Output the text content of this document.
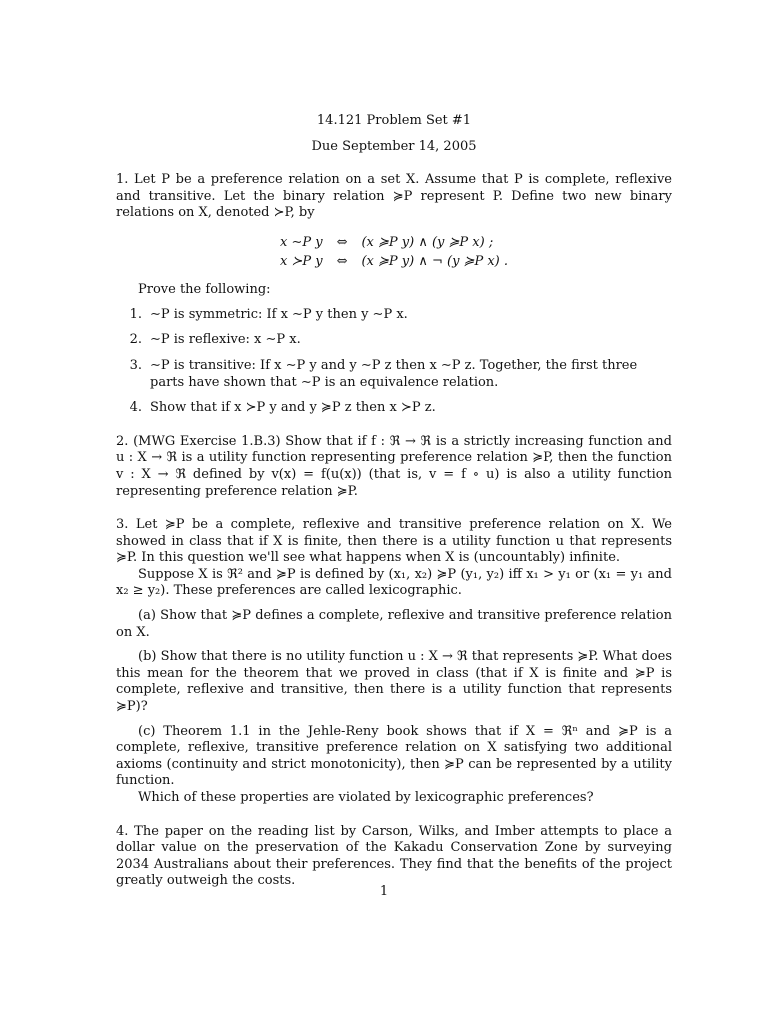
14.121 Problem Set #1

Due September 14, 2005

1. Let P be a preference relation on a set X. Assume that P is complete, reflexive and transitive. Let the binary relation ≽P represent P. Define two new binary relations on X, denoted ≻P, by

x ∼P y ⇔ (x ≽P y) ∧ (y ≽P x) ;
x ≻P y ⇔ (x ≽P y) ∧ ¬ (y ≽P x) .

Prove the following:

1. ∼P is symmetric: If x ∼P y then y ∼P x.
2. ∼P is reflexive: x ∼P x.
3. ∼P is transitive: If x ∼P y and y ∼P z then x ∼P z. Together, the first three parts have shown that ∼P is an equivalence relation.
4. Show that if x ≻P y and y ≽P z then x ≻P z.

2. (MWG Exercise 1.B.3) Show that if f : ℜ → ℜ is a strictly increasing function and u : X → ℜ is a utility function representing preference relation ≽P, then the function v : X → ℜ defined by v(x) = f(u(x)) (that is, v = f ∘ u) is also a utility function representing preference relation ≽P.

3. Let ≽P be a complete, reflexive and transitive preference relation on X. We showed in class that if X is finite, then there is a utility function u that represents ≽P. In this question we'll see what happens when X is (uncountably) infinite.

Suppose X is ℜ² and ≽P is defined by (x₁, x₂) ≽P (y₁, y₂) iff x₁ > y₁ or (x₁ = y₁ and x₂ ≥ y₂). These preferences are called lexicographic.

(a) Show that ≽P defines a complete, reflexive and transitive preference relation on X.

(b) Show that there is no utility function u : X → ℜ that represents ≽P. What does this mean for the theorem that we proved in class (that if X is finite and ≽P is complete, reflexive and transitive, then there is a utility function that represents ≽P)?

(c) Theorem 1.1 in the Jehle-Reny book shows that if X = ℜⁿ and ≽P is a complete, reflexive, transitive preference relation on X satisfying two additional axioms (continuity and strict monotonicity), then ≽P can be represented by a utility function.

Which of these properties are violated by lexicographic preferences?

4. The paper on the reading list by Carson, Wilks, and Imber attempts to place a dollar value on the preservation of the Kakadu Conservation Zone by surveying 2034 Australians about their preferences. They find that the benefits of the project greatly outweigh the costs.

1
